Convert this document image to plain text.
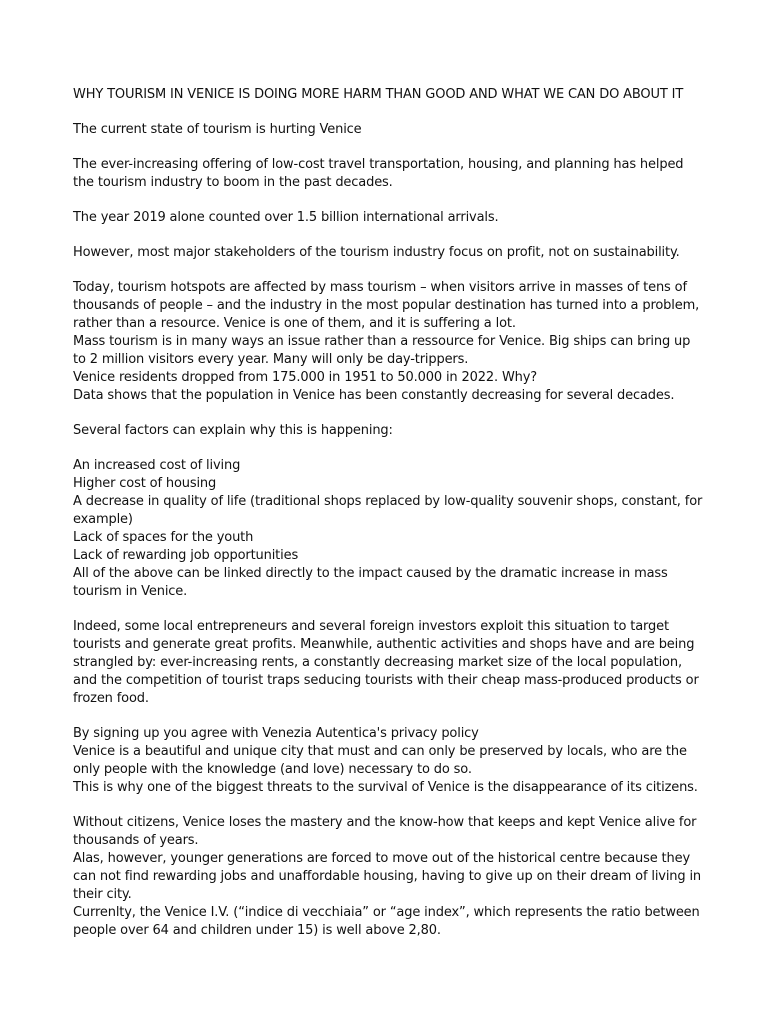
WHY TOURISM IN VENICE IS DOING MORE HARM THAN GOOD AND WHAT WE CAN DO ABOUT IT

The current state of tourism is hurting Venice

The ever-increasing offering of low-cost travel transportation, housing, and planning has helped the tourism industry to boom in the past decades.

The year 2019 alone counted over 1.5 billion international arrivals.

However, most major stakeholders of the tourism industry focus on profit, not on sustainability.

Today, tourism hotspots are affected by mass tourism – when visitors arrive in masses of tens of thousands of people – and the industry in the most popular destination has turned into a problem, rather than a resource. Venice is one of them, and it is suffering a lot.

Mass tourism is in many ways an issue rather than a ressource for Venice. Big ships can bring up to 2 million visitors every year. Many will only be day-trippers.

Venice residents dropped from 175.000 in 1951 to 50.000 in 2022. Why?

Data shows that the population in Venice has been constantly decreasing for several decades.

Several factors can explain why this is happening:

An increased cost of living

Higher cost of housing

A decrease in quality of life (traditional shops replaced by low-quality souvenir shops, constant, for example)

Lack of spaces for the youth

Lack of rewarding job opportunities

All of the above can be linked directly to the impact caused by the dramatic increase in mass tourism in Venice.

Indeed, some local entrepreneurs and several foreign investors exploit this situation to target tourists and generate great profits. Meanwhile, authentic activities and shops have and are being strangled by: ever-increasing rents, a constantly decreasing market size of the local population, and the competition of tourist traps seducing tourists with their cheap mass-produced products or frozen food.

By signing up you agree with Venezia Autentica's privacy policy

Venice is a beautiful and unique city that must and can only be preserved by locals, who are the only people with the knowledge (and love) necessary to do so.

This is why one of the biggest threats to the survival of Venice is the disappearance of its citizens.

Without citizens, Venice loses the mastery and the know-how that keeps and kept Venice alive for thousands of years.

Alas, however, younger generations are forced to move out of the historical centre because they can not find rewarding jobs and unaffordable housing, having to give up on their dream of living in their city.

Currenlty, the Venice I.V. (“indice di vecchiaia” or “age index”, which represents the ratio between people over 64 and children under 15) is well above 2,80.
